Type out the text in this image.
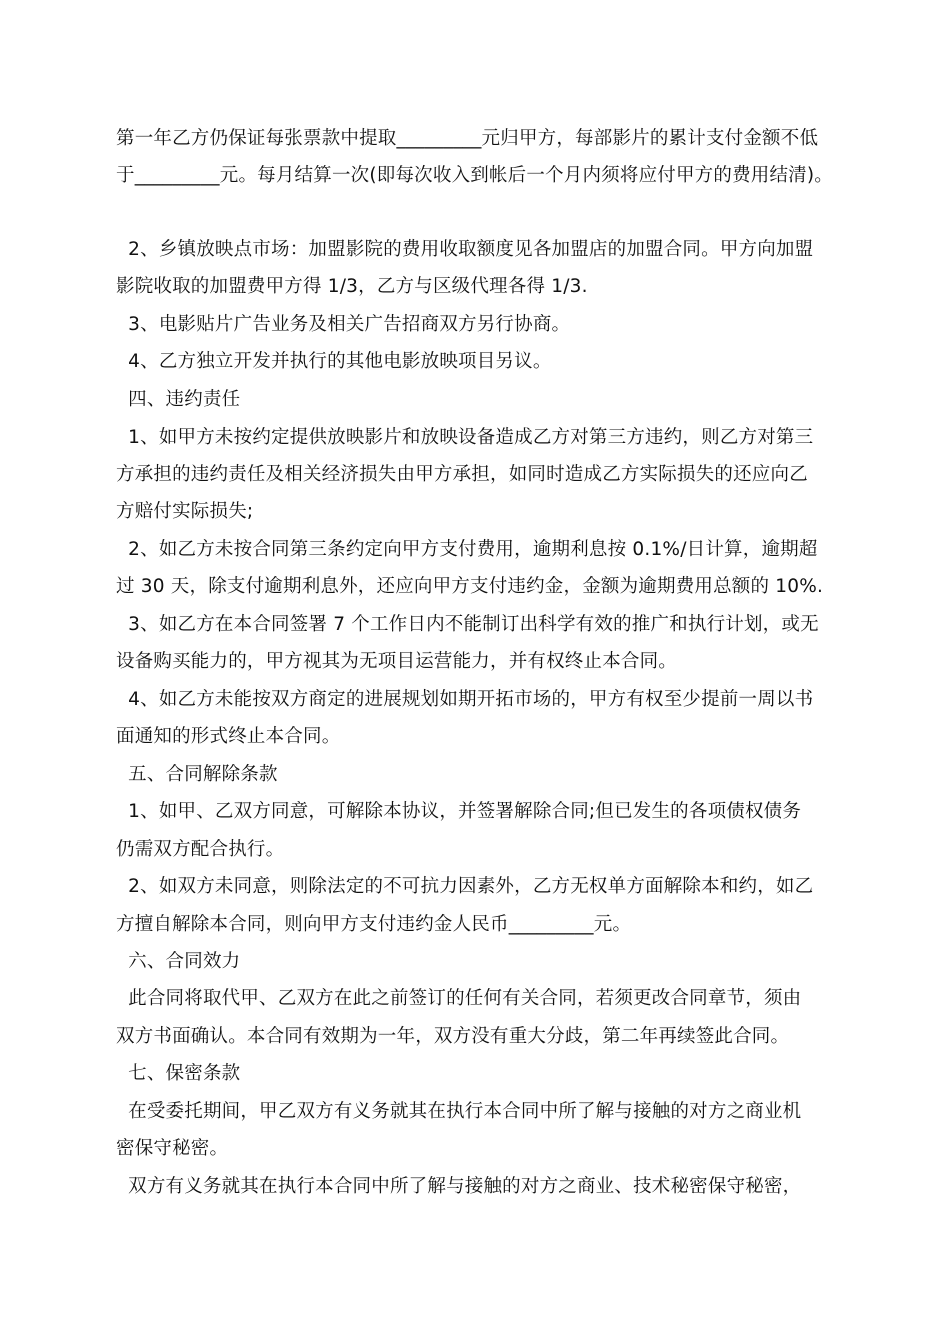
第一年乙方仍保证每张票款中提取_________元归甲方，每部影片的累计支付金额不低
于_________元。每月结算一次(即每次收入到帐后一个月内须将应付甲方的费用结清)。
2、乡镇放映点市场：加盟影院的费用收取额度见各加盟店的加盟合同。甲方向加盟
影院收取的加盟费甲方得 1/3，乙方与区级代理各得 1/3.
3、电影贴片广告业务及相关广告招商双方另行协商。
4、乙方独立开发并执行的其他电影放映项目另议。
四、违约责任
1、如甲方未按约定提供放映影片和放映设备造成乙方对第三方违约，则乙方对第三
方承担的违约责任及相关经济损失由甲方承担，如同时造成乙方实际损失的还应向乙
方赔付实际损失;
2、如乙方未按合同第三条约定向甲方支付费用，逾期利息按 0.1%/日计算，逾期超
过 30 天，除支付逾期利息外，还应向甲方支付违约金，金额为逾期费用总额的 10%.
3、如乙方在本合同签署 7 个工作日内不能制订出科学有效的推广和执行计划，或无
设备购买能力的，甲方视其为无项目运营能力，并有权终止本合同。
4、如乙方未能按双方商定的进展规划如期开拓市场的，甲方有权至少提前一周以书
面通知的形式终止本合同。
五、合同解除条款
1、如甲、乙双方同意，可解除本协议，并签署解除合同;但已发生的各项债权债务
仍需双方配合执行。
2、如双方未同意，则除法定的不可抗力因素外，乙方无权单方面解除本和约，如乙
方擅自解除本合同，则向甲方支付违约金人民币_________元。
六、合同效力
此合同将取代甲、乙双方在此之前签订的任何有关合同，若须更改合同章节，须由
双方书面确认。本合同有效期为一年，双方没有重大分歧，第二年再续签此合同。
七、保密条款
在受委托期间，甲乙双方有义务就其在执行本合同中所了解与接触的对方之商业机
密保守秘密。
双方有义务就其在执行本合同中所了解与接触的对方之商业、技术秘密保守秘密，
